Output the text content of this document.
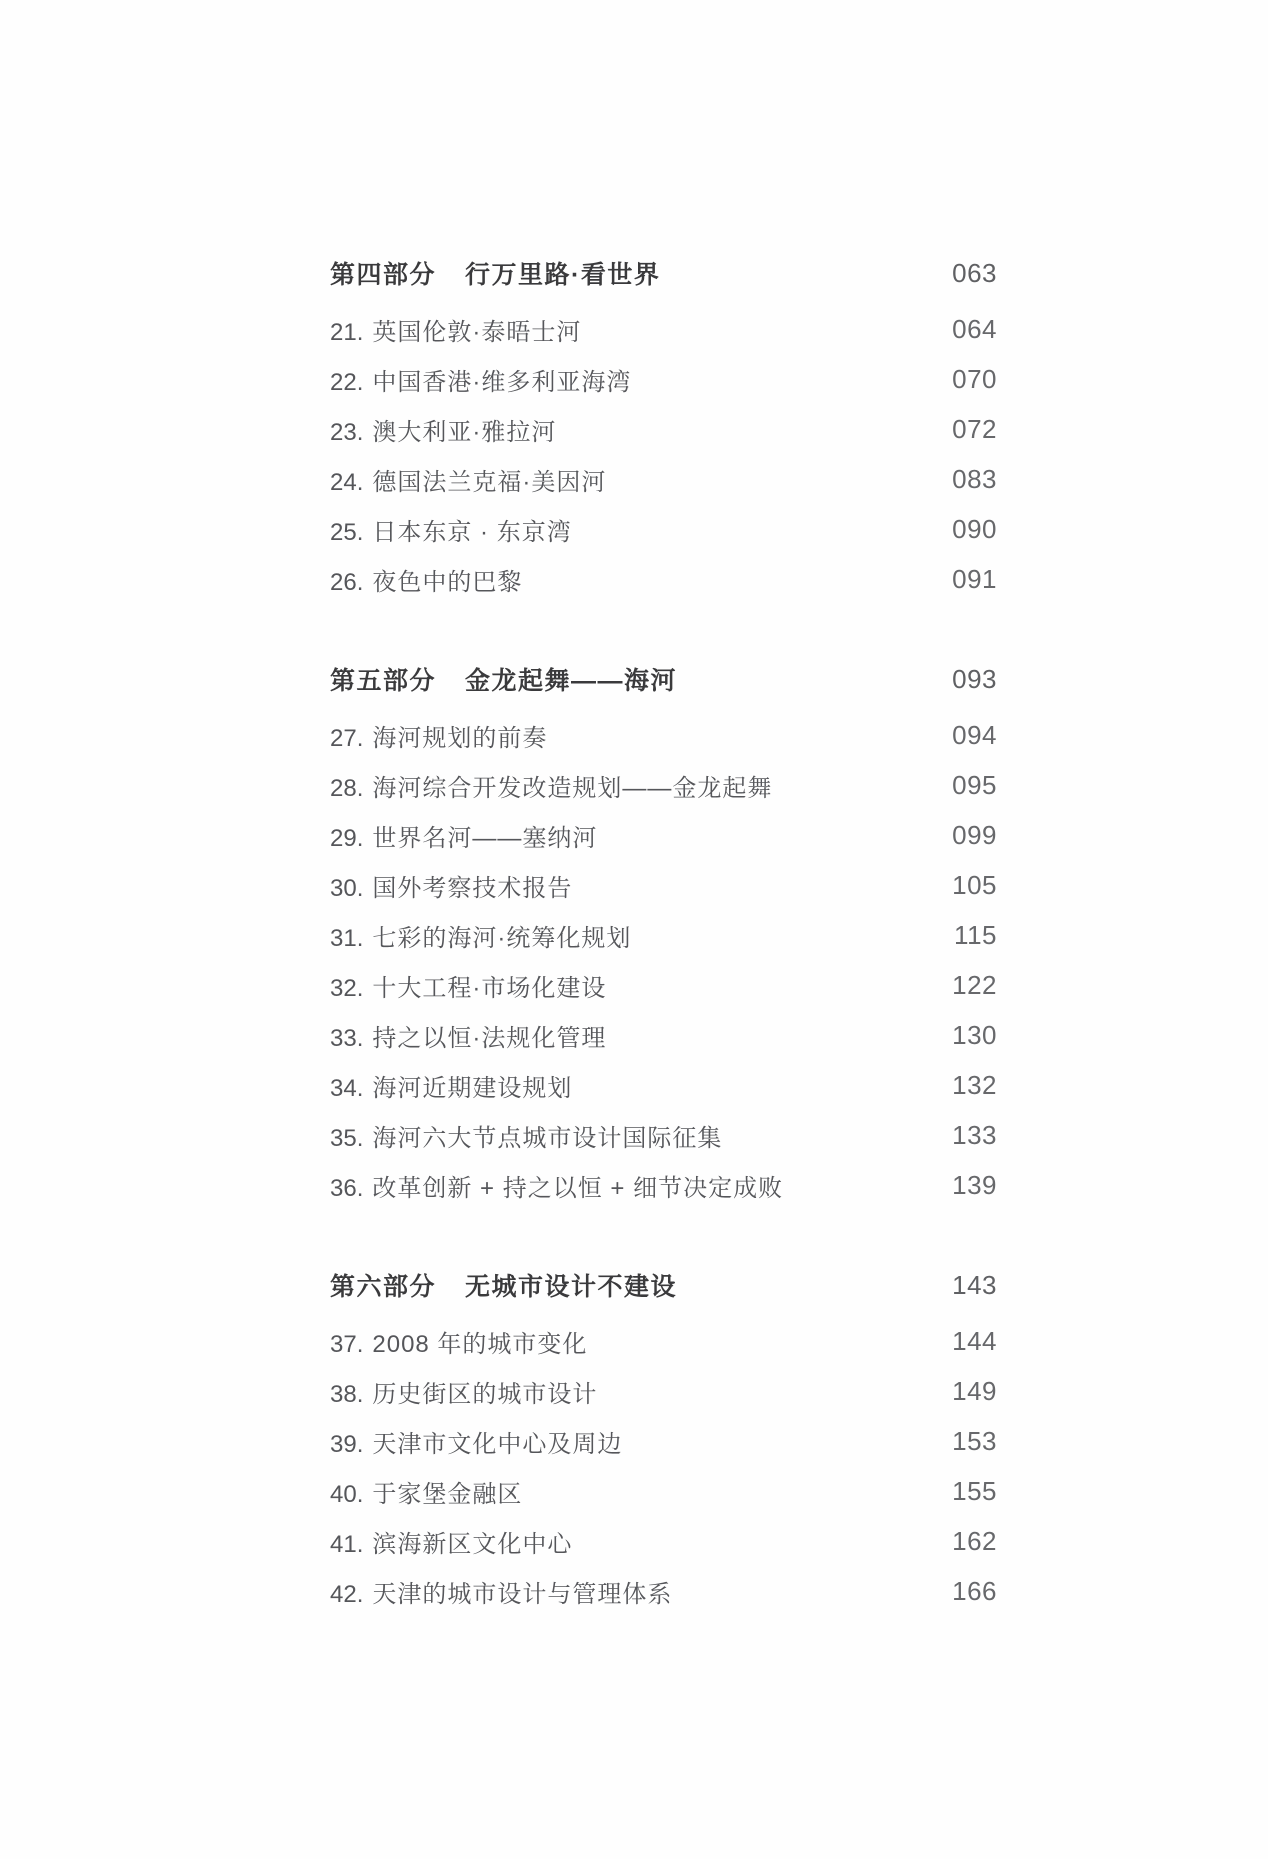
第四部分 行万里路·看世界	063
21. 英国伦敦·泰晤士河	064
22. 中国香港·维多利亚海湾	070
23. 澳大利亚·雅拉河	072
24. 德国法兰克福·美因河	083
25. 日本东京 · 东京湾	090
26. 夜色中的巴黎	091
第五部分 金龙起舞——海河	093
27. 海河规划的前奏	094
28. 海河综合开发改造规划——金龙起舞	095
29. 世界名河——塞纳河	099
30. 国外考察技术报告	105
31. 七彩的海河·统筹化规划	115
32. 十大工程·市场化建设	122
33. 持之以恒·法规化管理	130
34. 海河近期建设规划	132
35. 海河六大节点城市设计国际征集	133
36. 改革创新 + 持之以恒 + 细节决定成败	139
第六部分 无城市设计不建设	143
37. 2008 年的城市变化	144
38. 历史街区的城市设计	149
39. 天津市文化中心及周边	153
40. 于家堡金融区	155
41. 滨海新区文化中心	162
42. 天津的城市设计与管理体系	166
